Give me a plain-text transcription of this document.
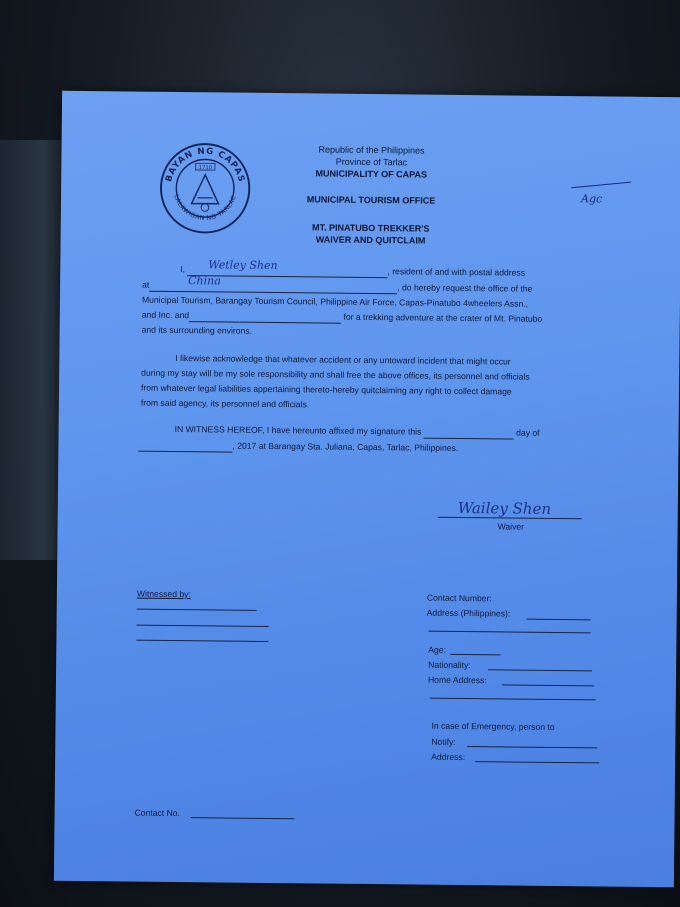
BAYAN NG CAPAS
LALAWIGAN NG TARLAC
1710
Republic of the Philippines
Province of Tarlac
MUNICIPALITY OF CAPAS
MUNICIPAL TOURISM OFFICE
MT. PINATUBO TREKKER'S
WAIVER AND QUITCLAIM
Agc
I,	, resident of and with postal address
Wetley Shen
at	, do hereby request the office of the
China
Municipal Tourism, Barangay Tourism Council, Philippine Air Force, Capas-Pinatubo 4wheelers Assn.,
and Inc. and	for a trekking adventure at the crater of Mt. Pinatubo
and its surrounding environs.
I likewise acknowledge that whatever accident or any untoward incident that might occur
during my stay will be my sole responsibility and shall free the above offices, its personnel and officials
from whatever legal liabilities appertaining thereto-hereby quitclaiming any right to collect damage
from said agency, its personnel and officials.
IN WITNESS HEREOF, I have hereunto affixed my signature this	day of
, 2017 at Barangay Sta. Juliana, Capas, Tarlac, Philippines.
Wailey Shen
Waiver
Witnessed by:	Contact Number:
Address (Philippines):
Age:
Nationality:
Home Address:
In case of Emergency, person to
Notify:
Address:
Contact No.
